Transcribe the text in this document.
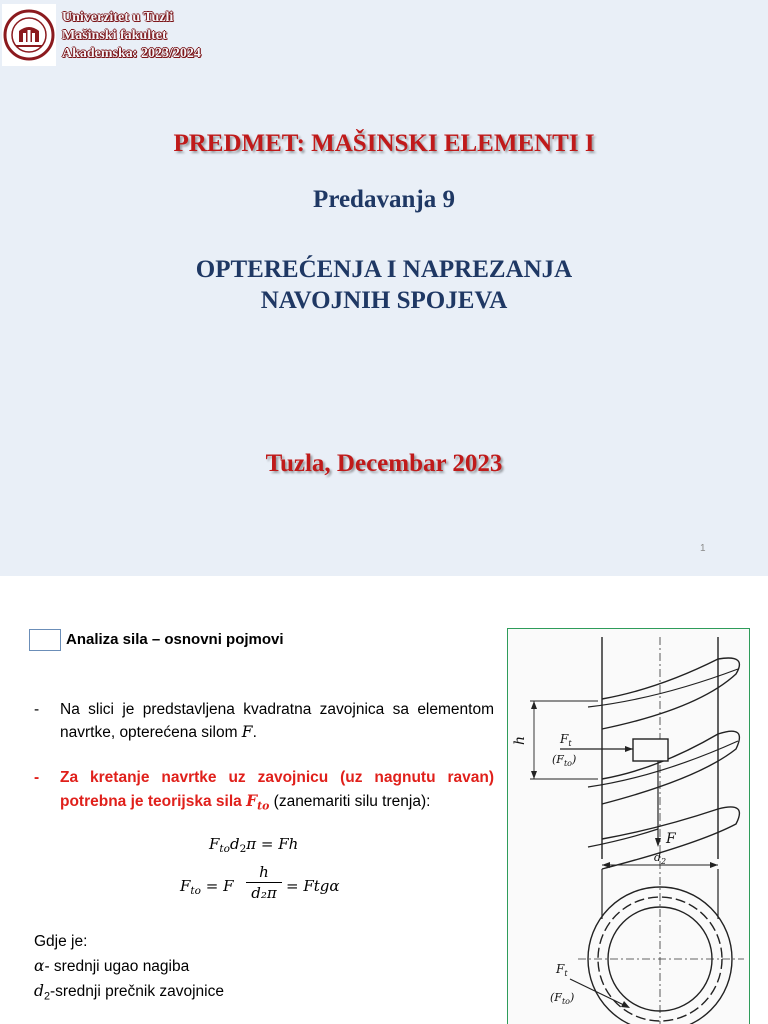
Univerzitet u Tuzli
Mašinski fakultet
Akademska: 2023/2024
PREDMET: MAŠINSKI ELEMENTI I
Predavanja 9
OPTEREĆENJA I NAPREZANJA
NAVOJNIH SPOJEVA
Tuzla, Decembar 2023
1
Analiza sila – osnovni pojmovi
- Na slici je predstavljena kvadratna zavojnica sa elementom navrtke, opterećena silom F.
- Za kretanje navrtke uz zavojnicu (uz nagnutu ravan) potrebna je teorijska sila $F_{to}$ (zanemariti silu trenja):
$F_{to}d_2\pi = Fh$
$F_{to} = F$
h
d₂π = Ftgα
Gdje je:
α- srednji ugao nagiba
$d_2$-srednji prečnik zavojnice
h	$F_t$
$(F_{to})$
F
$d_2$
$F_t$
$(F_{to})$
